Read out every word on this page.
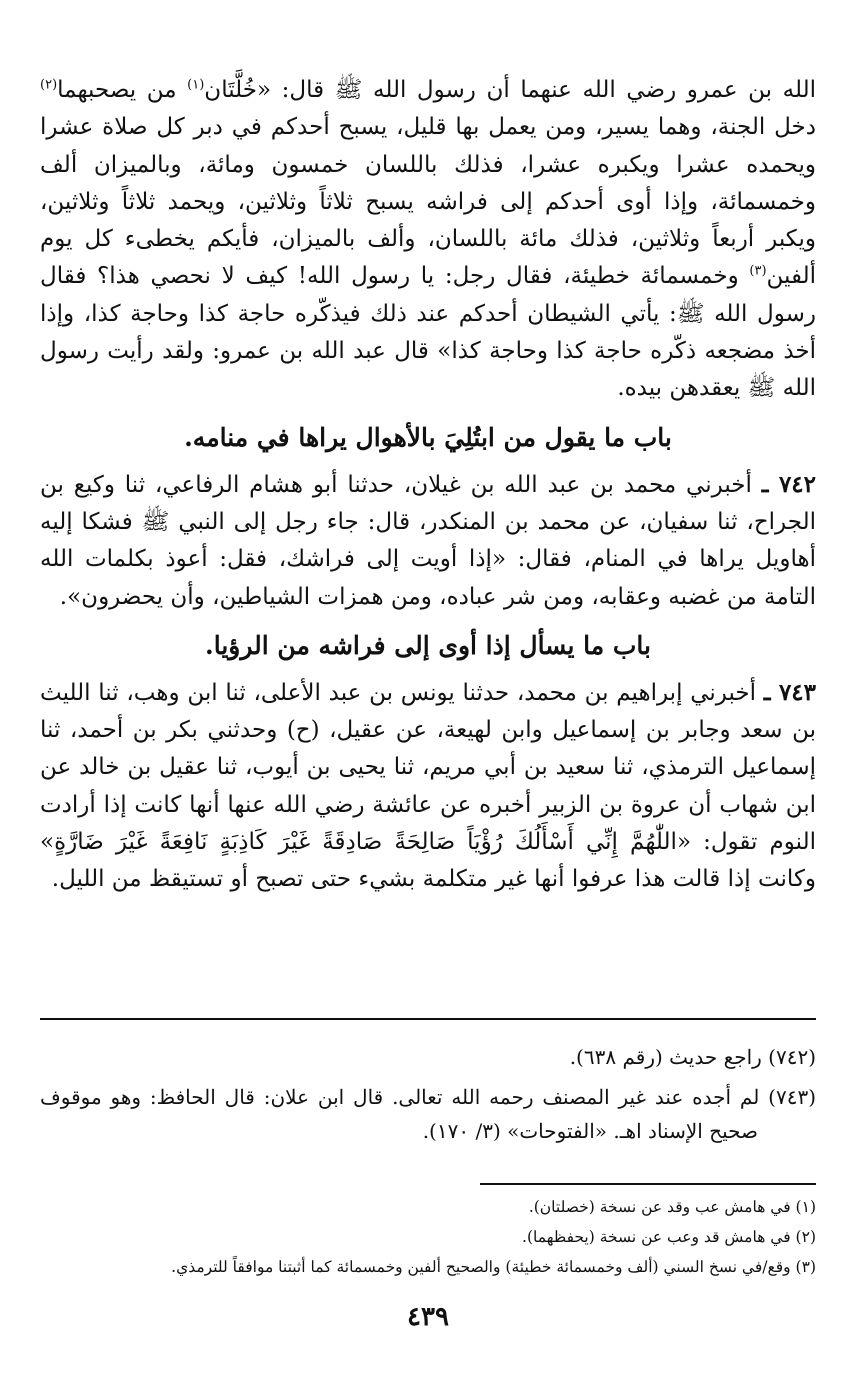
الله بن عمرو رضي الله عنهما أن رسول الله ﷺ قال: «خُلَّتَان$^{(١)}$ من يصحبهما$^{(٢)}$ دخل الجنة، وهما يسير، ومن يعمل بها قليل، يسبح أحدكم في دبر كل صلاة عشرا ويحمده عشرا ويكبره عشرا، فذلك باللسان خمسون ومائة، وبالميزان ألف وخمسمائة، وإذا أوى أحدكم إلى فراشه يسبح ثلاثاً وثلاثين، ويحمد ثلاثاً وثلاثين، ويكبر أربعاً وثلاثين، فذلك مائة باللسان، وألف بالميزان، فأيكم يخطىء كل يوم ألفين$^{(٣)}$ وخمسمائة خطيئة، فقال رجل: يا رسول الله! كيف لا نحصي هذا؟ فقال رسول الله ﷺ: يأتي الشيطان أحدكم عند ذلك فيذكّره حاجة كذا وحاجة كذا، وإذا أخذ مضجعه ذكّره حاجة كذا وحاجة كذا» قال عبد الله بن عمرو: ولقد رأيت رسول الله ﷺ يعقدهن بيده.

باب ما يقول من ابتُلِيَ بالأهوال يراها في منامه.

٧٤٢ ـ أخبرني محمد بن عبد الله بن غيلان، حدثنا أبو هشام الرفاعي، ثنا وكيع بن الجراح، ثنا سفيان، عن محمد بن المنكدر، قال: جاء رجل إلى النبي ﷺ فشكا إليه أهاويل يراها في المنام، فقال: «إذا أويت إلى فراشك، فقل: أعوذ بكلمات الله التامة من غضبه وعقابه، ومن شر عباده، ومن همزات الشياطين، وأن يحضرون».

باب ما يسأل إذا أوى إلى فراشه من الرؤيا.

٧٤٣ ـ أخبرني إبراهيم بن محمد، حدثنا يونس بن عبد الأعلى، ثنا ابن وهب، ثنا الليث بن سعد وجابر بن إسماعيل وابن لهيعة، عن عقيل، (ح) وحدثني بكر بن أحمد، ثنا إسماعيل الترمذي، ثنا سعيد بن أبي مريم، ثنا يحيى بن أيوب، ثنا عقيل بن خالد عن ابن شهاب أن عروة بن الزبير أخبره عن عائشة رضي الله عنها أنها كانت إذا أرادت النوم تقول: «اللّٰهُمَّ إِنِّي أَسْأَلُكَ رُؤْيَاً صَالِحَةً صَادِقَةً غَيْرَ كَاذِبَةٍ نَافِعَةً غَيْرَ ضَارَّةٍ» وكانت إذا قالت هذا عرفوا أنها غير متكلمة بشيء حتى تصبح أو تستيقظ من الليل.

(٧٤٢) راجع حديث (رقم ٦٣٨).

(٧٤٣) لم أجده عند غير المصنف رحمه الله تعالى. قال ابن علان: قال الحافظ: وهو موقوف صحيح الإسناد اهـ. «الفتوحات» (٣/ ١٧٠).

(١) في هامش عب وقد عن نسخة (خصلتان).

(٢) في هامش قد وعب عن نسخة (يحفظهما).

(٣) وقع/في نسخ السني (ألف وخمسمائة خطيئة) والصحيح ألفين وخمسمائة كما أثبتنا موافقاً للترمذي.

٤٣٩
